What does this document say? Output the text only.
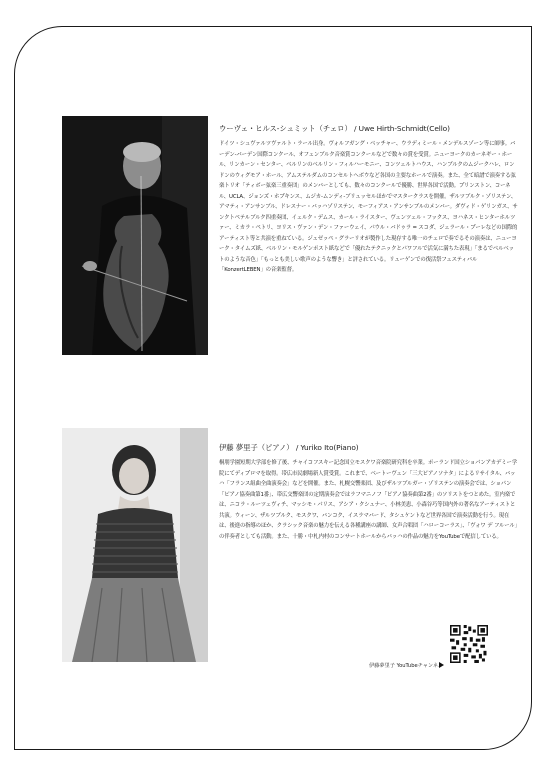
ウーヴェ・ヒルス-シュミット（チェロ） / Uwe Hirth-Schmidt(Cello)

ドイツ・シュヴァルツヴァルト・ラール出身。ヴォルフガング・ベッチャー、ウラディミール・メンデルスゾーン等に師事。バーデン-バーデン国際コンクール、オフェンブルク音楽賞コンクールなどで数々の賞を受賞。ニューヨークのカーネギー・ホール、リンカーン・センター、ベルリンのベルリン・フィルハーモニー、コンツェルトハウス、ハンブルクのムジークハレ、ロンドンのウィグモア・ホール、アムステルダムのコンセルトヘボウなど各国の主要なホールで演奏。また、全て暗譜で演奏する弦楽トリオ「ティボー弦楽三重奏団」のメンバーとしても、数々のコンクールで優勝、世界各国で活動。プリンストン、コーネル、UCLA、ジョンズ・ホプキンス、ムジカ-ムンディ-ブリュッセルほかでマスタークラスを開催。ザルツブルク・ゾリステン、アマティ・アンサンブル、ドレスナー・バッハゾリステン、モーフィアス・アンサンブルのメンバー。ダヴィド・ゲリンガス、サンクトペテルブルク四重奏団、イェルク・デムス、カール・ライスター、ヴェンツェル・フックス、ヨハネス・ヒンターホルツァー、ミカラ・ペトリ、ヨリス・ヴァン・デン・ファーウェイ、パウル・バドゥラ = スコダ、ジェラール・プーレなどの国際的アーティスト等と共演を重ねている。ジュゼッペ・グラーリオが製作した現存する唯一のチェロで奏でるその演奏は、ニューヨーク・タイムズ紙、ベルリン・モルゲンポスト紙などで「優れたテクニックとパワフルで活気に満ちた表現」「まるでベルベットのような音色」「もっとも美しい歌声のような響き」と評されている。リューゲンでの復活祭フェスティバル「KonzertLEBEN」の音楽監督。

伊藤 夢里子（ピアノ） / Yuriko Ito(Piano)

桐朋学園短期大学部を修了後、チャイコフスキー記念国立モスクワ音楽院研究科を卒業。ポーランド国立ショパンアカデミー学院にてディプロマを取得。帯広市民劇場新人賞受賞。これまで、ベートーヴェン「三大ピアノソナタ」によるリサイタル、バッハ「フランス組曲全曲演奏会」などを開催。また、札幌交響楽団、及びザルツブルガー・ゾリステンの演奏会では、ショパン「ピアノ協奏曲第1番」、帯広交響楽団の定期演奏会ではラフマニノフ「ピアノ協奏曲第2番」のソリストをつとめた。室内楽では、ニコラ・ルーツェヴィチ、マッシモ・パリス、アシア・クシュナー、小林美恵、小森谷巧等国内外の著名なアーティストと共演。ウィーン、ザルツブルク、モスクワ、バンコク、イスラマバード、タシュケントなど世界各国で演奏活動を行う。現在は、後進の指導のほか、クラシック音楽の魅力を伝える各種講座の講師、女声合唱団「ハローコーラス」、「ヴォワ デ フルール」の伴奏者としても活動。また、十勝・中札内村のコンサートホールからバッハの作品の魅力をYouTubeで配信している。

伊藤夢里子 YouTubeチャンネル
